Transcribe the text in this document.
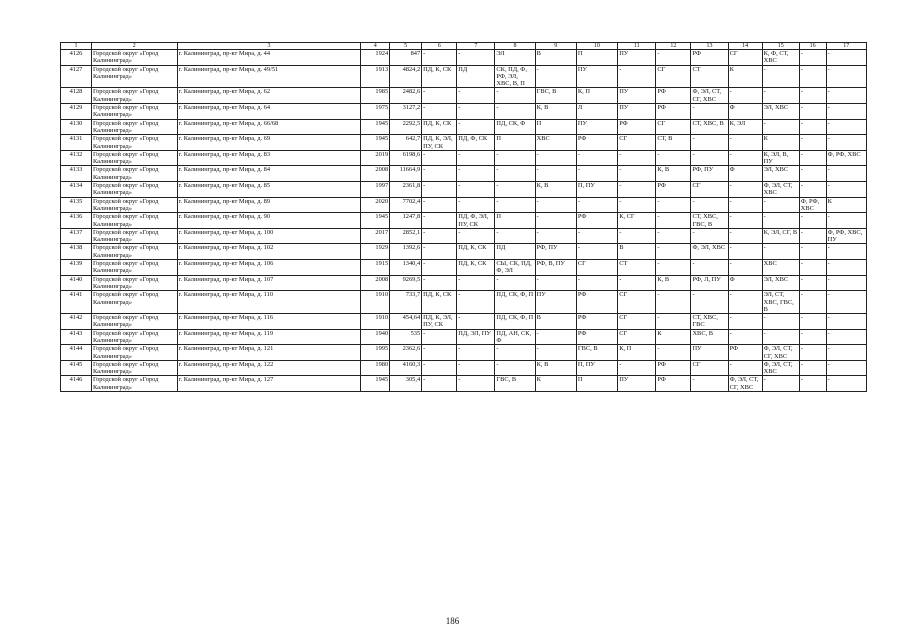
1	2	3	4	5	6	7	8	9	10	11	12	13	14	15	16	17
4126	Городской округ «Город Калининград»	г. Калининград, пр-кт Мира, д. 44	1924	847	-	-	ЭЛ	В	П	ПУ	-	РФ	СГ	К, Ф, СТ, ХВС	-	-
4127	Городской округ «Город Калининград»	г. Калининград, пр-кт Мира, д. 49/51	1913	4824,2	ПД, К, СК	ПД	СК, ПД, Ф, РФ, ЭЛ, ХВС, В, П	-	ПУ	-	СГ	СТ	К	-	-	-
4128	Городской округ «Город Калининград»	г. Калининград, пр-кт Мира, д. 62	1985	2482,6	-	-	-	ГВС, В	К, П	ПУ	РФ	Ф, ЭЛ, СТ, СГ, ХВС	-	-	-	-
4129	Городской округ «Город Калининград»	г. Калининград, пр-кт Мира, д. 64	1975	3127,2	-	-	-	К, В	Л	ПУ	РФ	-	Ф	ЭЛ, ХВС	-	-
4130	Городской округ «Город Калининград»	г. Калининград, пр-кт Мира, д. 66/68	1945	2292,5	ПД, К, СК	-	ПД, СК, Ф	П	ПУ	РФ	СГ	СТ, ХВС, В	К, ЭЛ	-	-	-
4131	Городской округ «Город Калининград»	г. Калининград, пр-кт Мира, д. 69	1945	642,7	ПД, К, ЭЛ, ПУ, СК	ПД, Ф, СК	П	ХВС	РФ	СГ	СТ, В	-	-	К	-	-
4132	Городской округ «Город Калининград»	г. Калининград, пр-кт Мира, д. 83	2019	6198,6	-	-	-	-	-	-	-	-	-	К, ЭЛ, В, ПУ	-	Ф, РФ, ХВС
4133	Городской округ «Город Калининград»	г. Калининград, пр-кт Мира, д. 84	2008	11664,9	-	-	-	-	-	-	К, В	РФ, ПУ	Ф	ЭЛ, ХВС	-	-
4134	Городской округ «Город Калининград»	г. Калининград, пр-кт Мира, д. 85	1997	2361,8	-	-	-	К, В	П, ПУ	-	РФ	СГ	-	Ф, ЭЛ, СТ, ХВС	-	-
4135	Городской округ «Город Калининград»	г. Калининград, пр-кт Мира, д. 89	2020	7702,4	-	-	-	-	-	-	-	-	-	-	Ф, РФ, ХВС	К
4136	Городской округ «Город Калининград»	г. Калининград, пр-кт Мира, д. 90	1945	1247,8	-	ПД, Ф, ЭЛ, ПУ, СК	П	-	РФ	К, СГ	-	СТ, ХВС, ГВС, В	-	-	-	-
4137	Городской округ «Город Калининград»	г. Калининград, пр-кт Мира, д. 100	2017	2852,1	-	-	-	-	-	-	-	-	-	К, ЭЛ, СГ, В	-	Ф, РФ, ХВС, ПУ
4138	Городской округ «Город Калининград»	г. Калининград, пр-кт Мира, д. 102	1929	1392,6	-	ПД, К, СК	ПД	РФ, ПУ	-	В	-	Ф, ЭЛ, ХВС	-	-	-	-
4139	Городской округ «Город Калининград»	г. Калининград, пр-кт Мира, д. 106	1915	1340,4	-	ПД, К, СК	СЫ, СК, ПД, Ф, ЭЛ	РФ, В, ПУ	СГ	СТ	-	-	-	ХВС	-	-
4140	Городской округ «Город Калининград»	г. Калининград, пр-кт Мира, д. 107	2008	9269,5	-	-	-	-	-	-	К, В	РФ, Л, ПУ	Ф	ЭЛ, ХВС	-	-
4141	Городской округ «Город Калининград»	г. Калининград, пр-кт Мира, д. 110	1910	733,7	ПД, К, СК	-	ПД, СК, Ф, П	ПУ	РФ	СГ	-	-	-	ЭЛ, СТ, ХВС, ГВС, В	-	-
4142	Городской округ «Город Калининград»	г. Калининград, пр-кт Мира, д. 116	1910	454,64	ПД, К, ЭЛ, ПУ, СК	-	ПД, СК, Ф, П	В	РФ	СГ	-	СТ, ХВС, ГВС	-	-	-	-
4143	Городской округ «Город Калининград»	г. Калининград, пр-кт Мира, д. 119	1940	535	-	ПД, ЭЛ, ПУ	ПД, АН, СК, Ф	-	РФ	СГ	К	ХВС, В	-	-	-	-
4144	Городской округ «Город Калининград»	г. Калининград, пр-кт Мира, д. 121	1995	2362,6	-	-	-	-	ГВС, В	К, П	-	ПУ	РФ	Ф, ЭЛ, СТ, СГ, ХВС	-	-
4145	Городской округ «Город Калининград»	г. Калининград, пр-кт Мира, д. 122	1980	4160,3	-	-	-	К, В	П, ПУ	-	РФ	СГ	-	Ф, ЭЛ, СТ, ХВС	-	-
4146	Городской округ «Город Калининград»	г. Калининград, пр-кт Мира, д. 127	1945	305,4	-	-	ГВС, В	К	П	ПУ	РФ	-	Ф, ЭЛ, СТ, СГ, ХВС	-	-	-
186
